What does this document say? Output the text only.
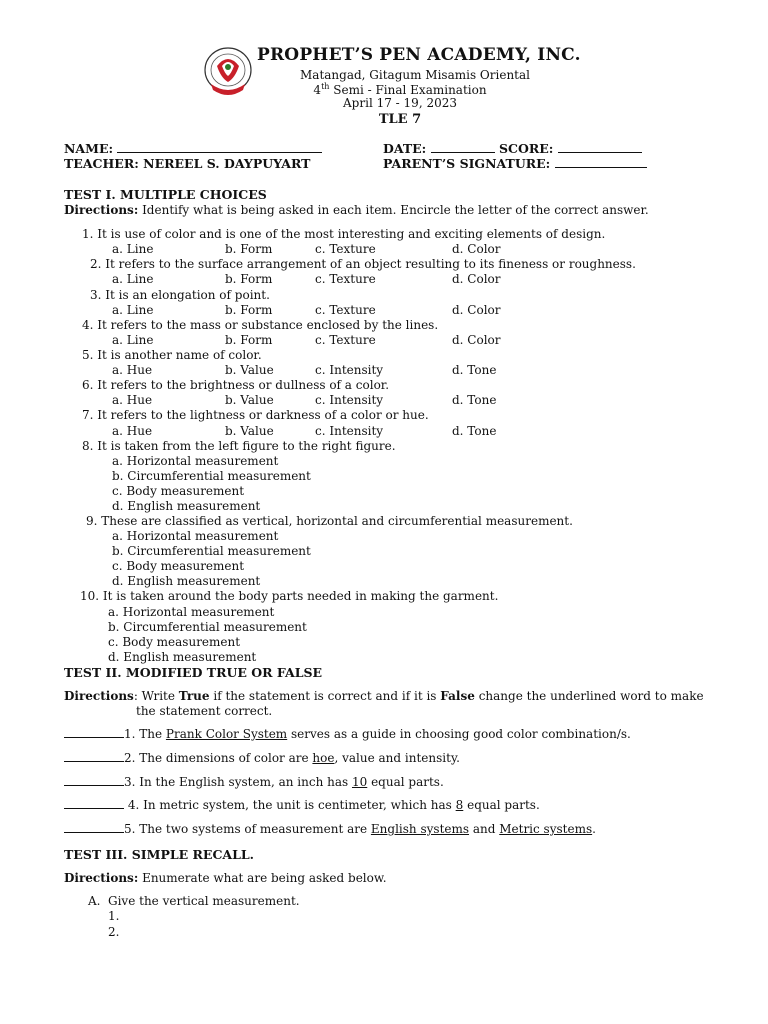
PROPHET’S PEN ACADEMY, INC.
Matangad, Gitagum Misamis Oriental
4th Semi - Final Examination
April 17 - 19, 2023
TLE 7
NAME:	DATE:	SCORE:
TEACHER: NEREEL S. DAYPUYART	PARENT’S SIGNATURE:
TEST I. MULTIPLE CHOICES
Directions: Identify what is being asked in each item. Encircle the letter of the correct answer.
1. It is use of color and is one of the most interesting and exciting elements of design.
a. Line	b. Form	c. Texture	d. Color
2. It refers to the surface arrangement of an object resulting to its fineness or roughness.
a. Line	b. Form	c. Texture	d. Color
3. It is an elongation of point.
a. Line	b. Form	c. Texture	d. Color
4. It refers to the mass or substance enclosed by the lines.
a. Line	b. Form	c. Texture	d. Color
5. It is another name of color.
a. Hue	b. Value	c. Intensity	d. Tone
6. It refers to the brightness or dullness of a color.
a. Hue	b. Value	c. Intensity	d. Tone
7. It refers to the lightness or darkness of a color or hue.
a. Hue	b. Value	c. Intensity	d. Tone
8. It is taken from the left figure to the right figure.
a. Horizontal measurement
b. Circumferential measurement
c. Body measurement
d. English measurement
9. These are classified as vertical, horizontal and circumferential measurement.
a. Horizontal measurement
b. Circumferential measurement
c. Body measurement
d. English measurement
10. It is taken around the body parts needed in making the garment.
a. Horizontal measurement
b. Circumferential measurement
c. Body measurement
d. English measurement
TEST II. MODIFIED TRUE OR FALSE
Directions: Write True if the statement is correct and if it is False change the underlined word to make
the statement correct.
1. The Prank Color System serves as a guide in choosing good color combination/s.
2. The dimensions of color are hoe, value and intensity.
3. In the English system, an inch has 10 equal parts.
4. In metric system, the unit is centimeter, which has 8 equal parts.
5. The two systems of measurement are English systems and Metric systems.
TEST III. SIMPLE RECALL.
Directions: Enumerate what are being asked below.
A. Give the vertical measurement.
1.
2.
